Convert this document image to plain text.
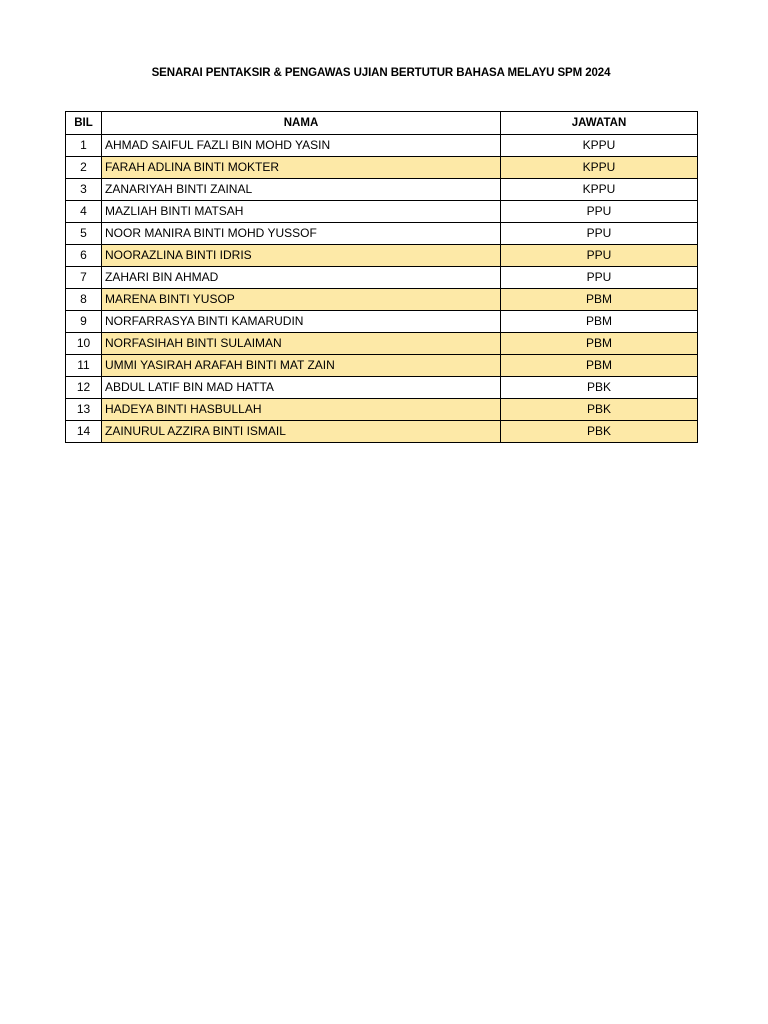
SENARAI PENTAKSIR & PENGAWAS UJIAN BERTUTUR BAHASA MELAYU SPM 2024
BIL	NAMA	JAWATAN
1	AHMAD SAIFUL FAZLI BIN MOHD YASIN	KPPU
2	FARAH ADLINA BINTI MOKTER	KPPU
3	ZANARIYAH BINTI ZAINAL	KPPU
4	MAZLIAH BINTI MATSAH	PPU
5	NOOR MANIRA BINTI MOHD YUSSOF	PPU
6	NOORAZLINA BINTI IDRIS	PPU
7	ZAHARI BIN AHMAD	PPU
8	MARENA BINTI YUSOP	PBM
9	NORFARRASYA BINTI KAMARUDIN	PBM
10	NORFASIHAH BINTI SULAIMAN	PBM
11	UMMI YASIRAH ARAFAH BINTI MAT ZAIN	PBM
12	ABDUL LATIF BIN MAD HATTA	PBK
13	HADEYA BINTI HASBULLAH	PBK
14	ZAINURUL AZZIRA BINTI ISMAIL	PBK
